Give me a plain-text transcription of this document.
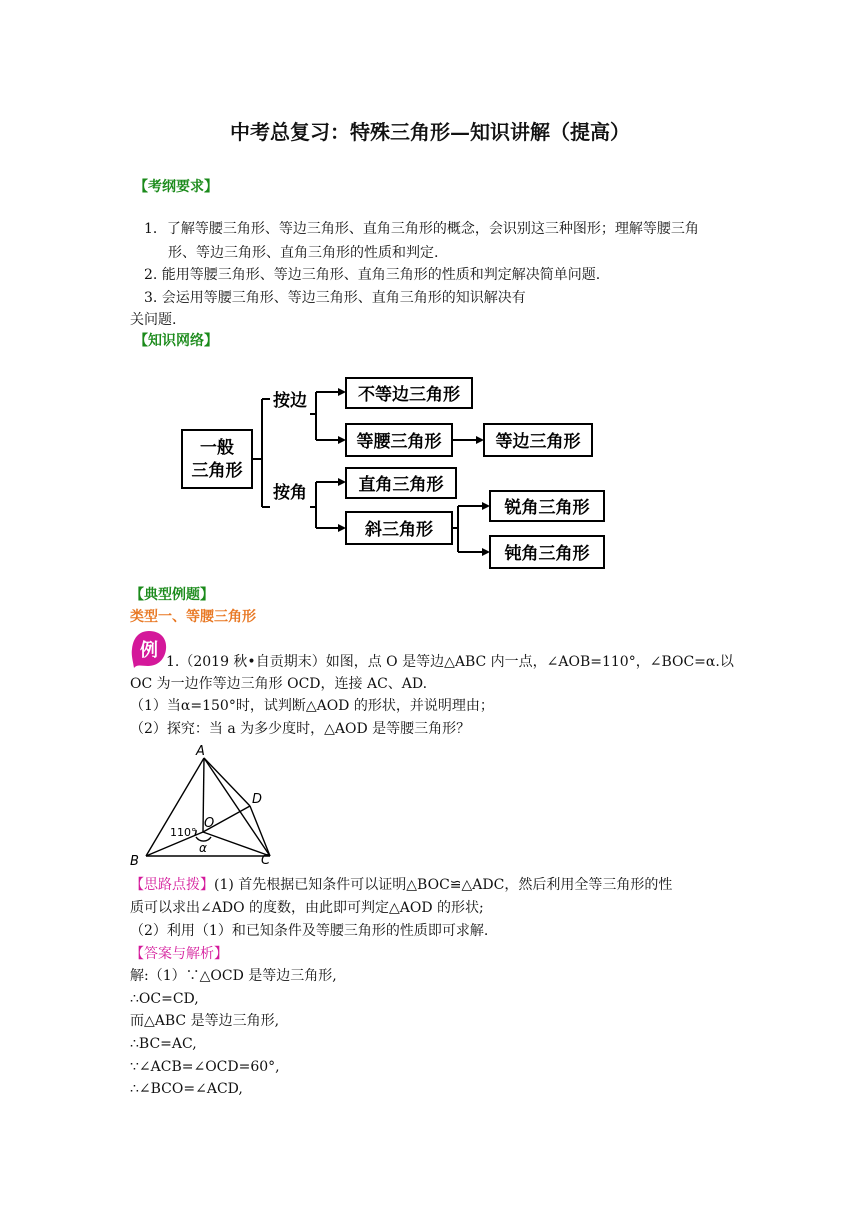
中考总复习：特殊三角形—知识讲解（提高）
【考纲要求】
1．了解等腰三角形、等边三角形、直角三角形的概念，会识别这三种图形；理解等腰三角
形、等边三角形、直角三角形的性质和判定.
2. 能用等腰三角形、等边三角形、直角三角形的性质和判定解决简单问题.
3. 会运用等腰三角形、等边三角形、直角三角形的知识解决有
关问题.
【知识网络】
一般
三角形
按边
按角
不等边三角形
等腰三角形	等边三角形
直角三角形
斜三角形
锐角三角形
钝角三角形
【典型例题】
类型一、等腰三角形
例
1.（2019 秋•自贡期末）如图，点 O 是等边△ABC 内一点，∠AOB=110°，∠BOC=α.以
OC 为一边作等边三角形 OCD，连接 AC、AD.
（1）当α=150°时，试判断△AOD 的形状，并说明理由；
（2）探究：当 a 为多少度时，△AOD 是等腰三角形？
A
B	C
D
O
α
110°
【思路点拨】(1) 首先根据已知条件可以证明△BOC≌△ADC，然后利用全等三角形的性
质可以求出∠ADO 的度数，由此即可判定△AOD 的形状;
（2）利用（1）和已知条件及等腰三角形的性质即可求解.
【答案与解析】
解:（1）∵△OCD 是等边三角形,
∴OC=CD,
而△ABC 是等边三角形,
∴BC=AC,
∵∠ACB=∠OCD=60°,
∴∠BCO=∠ACD,
